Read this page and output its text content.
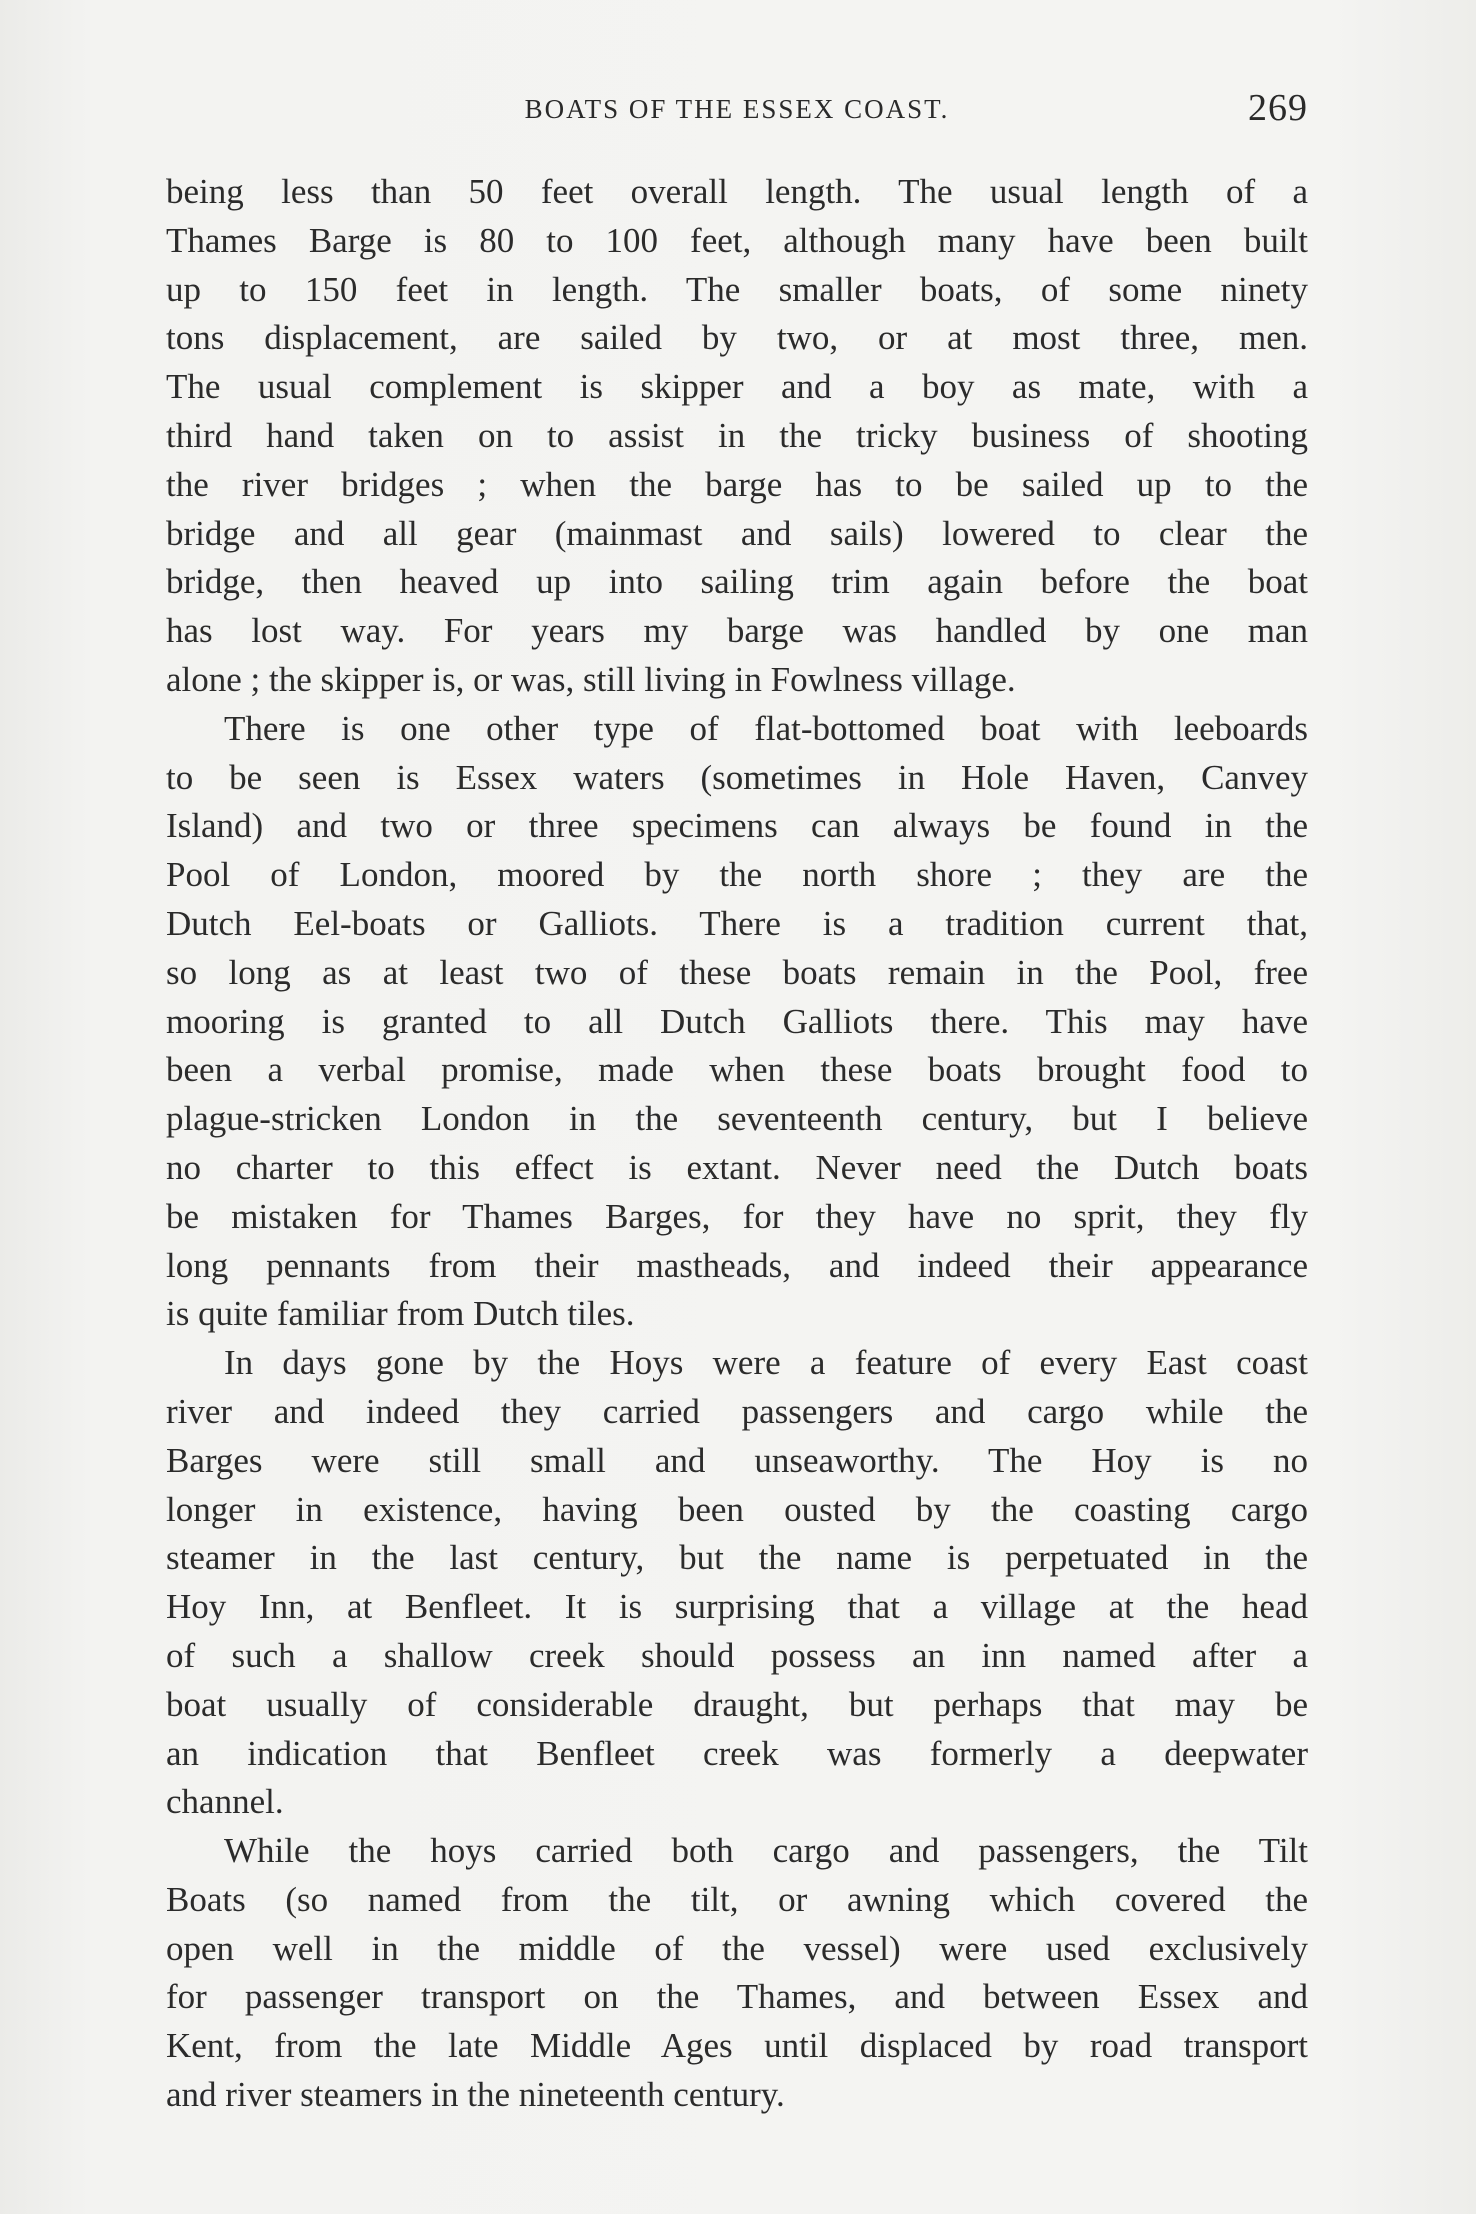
BOATS OF THE ESSEX COAST.	269

being less than 50 feet overall length. The usual length of a
Thames Barge is 80 to 100 feet, although many have been built
up to 150 feet in length. The smaller boats, of some ninety
tons displacement, are sailed by two, or at most three, men.
The usual complement is skipper and a boy as mate, with a
third hand taken on to assist in the tricky business of shooting
the river bridges ; when the barge has to be sailed up to the
bridge and all gear (mainmast and sails) lowered to clear the
bridge, then heaved up into sailing trim again before the boat
has lost way. For years my barge was handled by one man
alone ; the skipper is, or was, still living in Fowlness village.

There is one other type of flat-bottomed boat with leeboards
to be seen is Essex waters (sometimes in Hole Haven, Canvey
Island) and two or three specimens can always be found in the
Pool of London, moored by the north shore ; they are the
Dutch Eel-boats or Galliots. There is a tradition current that,
so long as at least two of these boats remain in the Pool, free
mooring is granted to all Dutch Galliots there. This may have
been a verbal promise, made when these boats brought food to
plague-stricken London in the seventeenth century, but I believe
no charter to this effect is extant. Never need the Dutch boats
be mistaken for Thames Barges, for they have no sprit, they fly
long pennants from their mastheads, and indeed their appearance
is quite familiar from Dutch tiles.

In days gone by the Hoys were a feature of every East coast
river and indeed they carried passengers and cargo while the
Barges were still small and unseaworthy. The Hoy is no
longer in existence, having been ousted by the coasting cargo
steamer in the last century, but the name is perpetuated in the
Hoy Inn, at Benfleet. It is surprising that a village at the head
of such a shallow creek should possess an inn named after a
boat usually of considerable draught, but perhaps that may be
an indication that Benfleet creek was formerly a deepwater
channel.

While the hoys carried both cargo and passengers, the Tilt
Boats (so named from the tilt, or awning which covered the
open well in the middle of the vessel) were used exclusively
for passenger transport on the Thames, and between Essex and
Kent, from the late Middle Ages until displaced by road transport
and river steamers in the nineteenth century.
